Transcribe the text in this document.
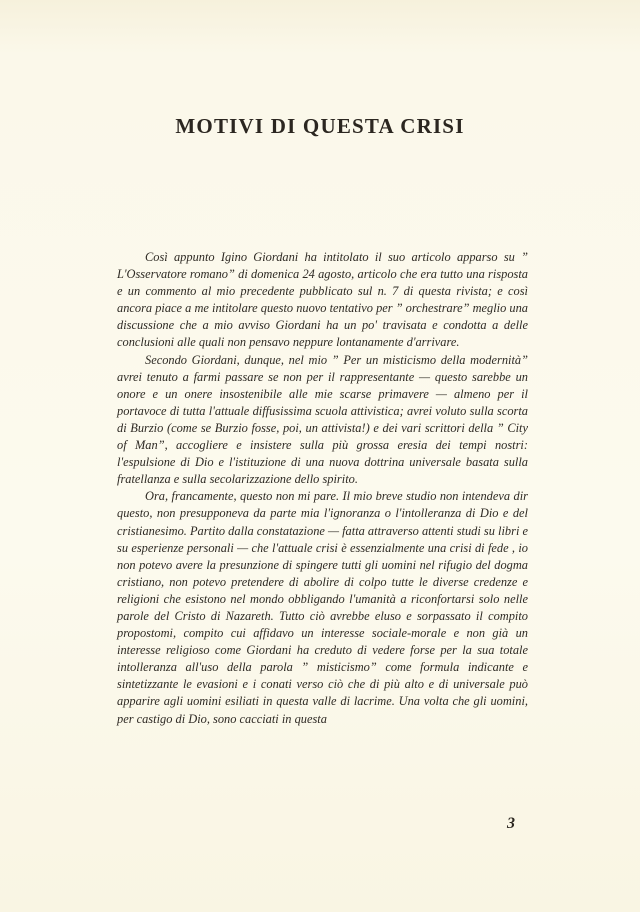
MOTIVI DI QUESTA CRISI

Così appunto Igino Giordani ha intitolato il suo articolo apparso su ” L'Osservatore romano” di domenica 24 agosto, articolo che era tutto una risposta e un commento al mio precedente pubblicato sul n. 7 di questa rivista; e così ancora piace a me intitolare questo nuovo tentativo per ” orchestrare” meglio una discussione che a mio avviso Giordani ha un po' travisata e condotta a delle conclusioni alle quali non pensavo neppure lontanamente d'arrivare.

Secondo Giordani, dunque, nel mio ” Per un misticismo della modernità” avrei tenuto a farmi passare se non per il rappresentante — questo sarebbe un onore e un onere insostenibile alle mie scarse primavere — almeno per il portavoce di tutta l'attuale diffusissima scuola attivistica; avrei voluto sulla scorta di Burzio (come se Burzio fosse, poi, un attivista!) e dei vari scrittori della ” City of Man”, accogliere e insistere sulla più grossa eresia dei tempi nostri: l'espulsione di Dio e l'istituzione di una nuova dottrina universale basata sulla fratellanza e sulla secolarizzazione dello spirito.

Ora, francamente, questo non mi pare. Il mio breve studio non intendeva dir questo, non presupponeva da parte mia l'ignoranza o l'intolleranza di Dio e del cristianesimo. Partito dalla constatazione — fatta attraverso attenti studi su libri e su esperienze personali — che l'attuale crisi è essenzialmente una crisi di fede , io non potevo avere la presunzione di spingere tutti gli uomini nel rifugio del dogma cristiano, non potevo pretendere di abolire di colpo tutte le diverse credenze e religioni che esistono nel mondo obbligando l'umanità a riconfortarsi solo nelle parole del Cristo di Nazareth. Tutto ciò avrebbe eluso e sorpassato il compito propostomi, compito cui affidavo un interesse sociale-morale e non già un interesse religioso come Giordani ha creduto di vedere forse per la sua totale intolleranza all'uso della parola ” misticismo” come formula indicante e sintetizzante le evasioni e i conati verso ciò che di più alto e di universale può apparire agli uomini esiliati in questa valle di lacrime. Una volta che gli uomini, per castigo di Dio, sono cacciati in questa

3
